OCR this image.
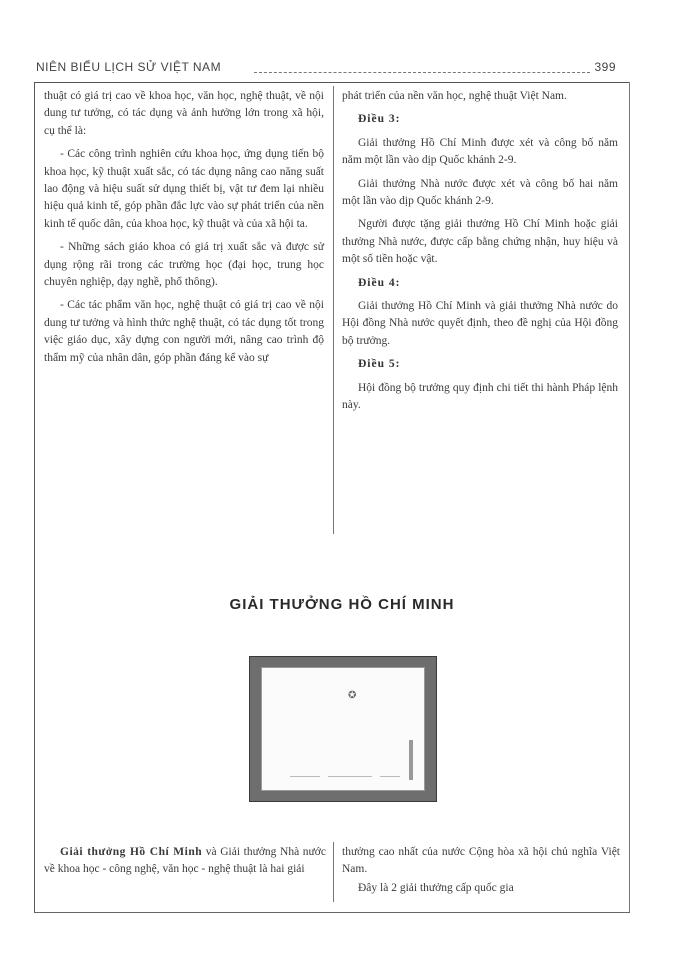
NIÊN BIỂU LỊCH SỬ VIỆT NAM	399

thuật có giá trị cao về khoa học, văn học, nghệ thuật, về nội dung tư tưởng, có tác dụng và ảnh hưởng lớn trong xã hội, cụ thể là:

- Các công trình nghiên cứu khoa học, ứng dụng tiến bộ khoa học, kỹ thuật xuất sắc, có tác dụng nâng cao năng suất lao động và hiệu suất sử dụng thiết bị, vật tư đem lại nhiều hiệu quả kinh tế, góp phần đắc lực vào sự phát triển của nền kinh tế quốc dân, của khoa học, kỹ thuật và của xã hội ta.

- Những sách giáo khoa có giá trị xuất sắc và được sử dụng rộng rãi trong các trường học (đại học, trung học chuyên nghiệp, dạy nghề, phổ thông).

- Các tác phẩm văn học, nghệ thuật có giá trị cao về nội dung tư tưởng và hình thức nghệ thuật, có tác dụng tốt trong việc giáo dục, xây dựng con người mới, nâng cao trình độ thẩm mỹ của nhân dân, góp phần đáng kể vào sự

phát triển của nền văn học, nghệ thuật Việt Nam.

Điều 3:

Giải thưởng Hồ Chí Minh được xét và công bố năm năm một lần vào dịp Quốc khánh 2-9.

Giải thưởng Nhà nước được xét và công bố hai năm một lần vào dịp Quốc khánh 2-9.

Người được tặng giải thưởng Hồ Chí Minh hoặc giải thưởng Nhà nước, được cấp bằng chứng nhận, huy hiệu và một số tiền hoặc vật.

Điều 4:

Giải thưởng Hồ Chí Minh và giải thưởng Nhà nước do Hội đồng Nhà nước quyết định, theo đề nghị của Hội đồng bộ trưởng.

Điều 5:

Hội đồng bộ trưởng quy định chi tiết thi hành Pháp lệnh này.

GIẢI THƯỞNG HỒ CHÍ MINH
✪

Giải thưởng Hồ Chí Minh và Giải thưởng Nhà nước về khoa học - công nghệ, văn học - nghệ thuật là hai giải

thưởng cao nhất của nước Cộng hòa xã hội chủ nghĩa Việt Nam.

Đây là 2 giải thưởng cấp quốc gia
